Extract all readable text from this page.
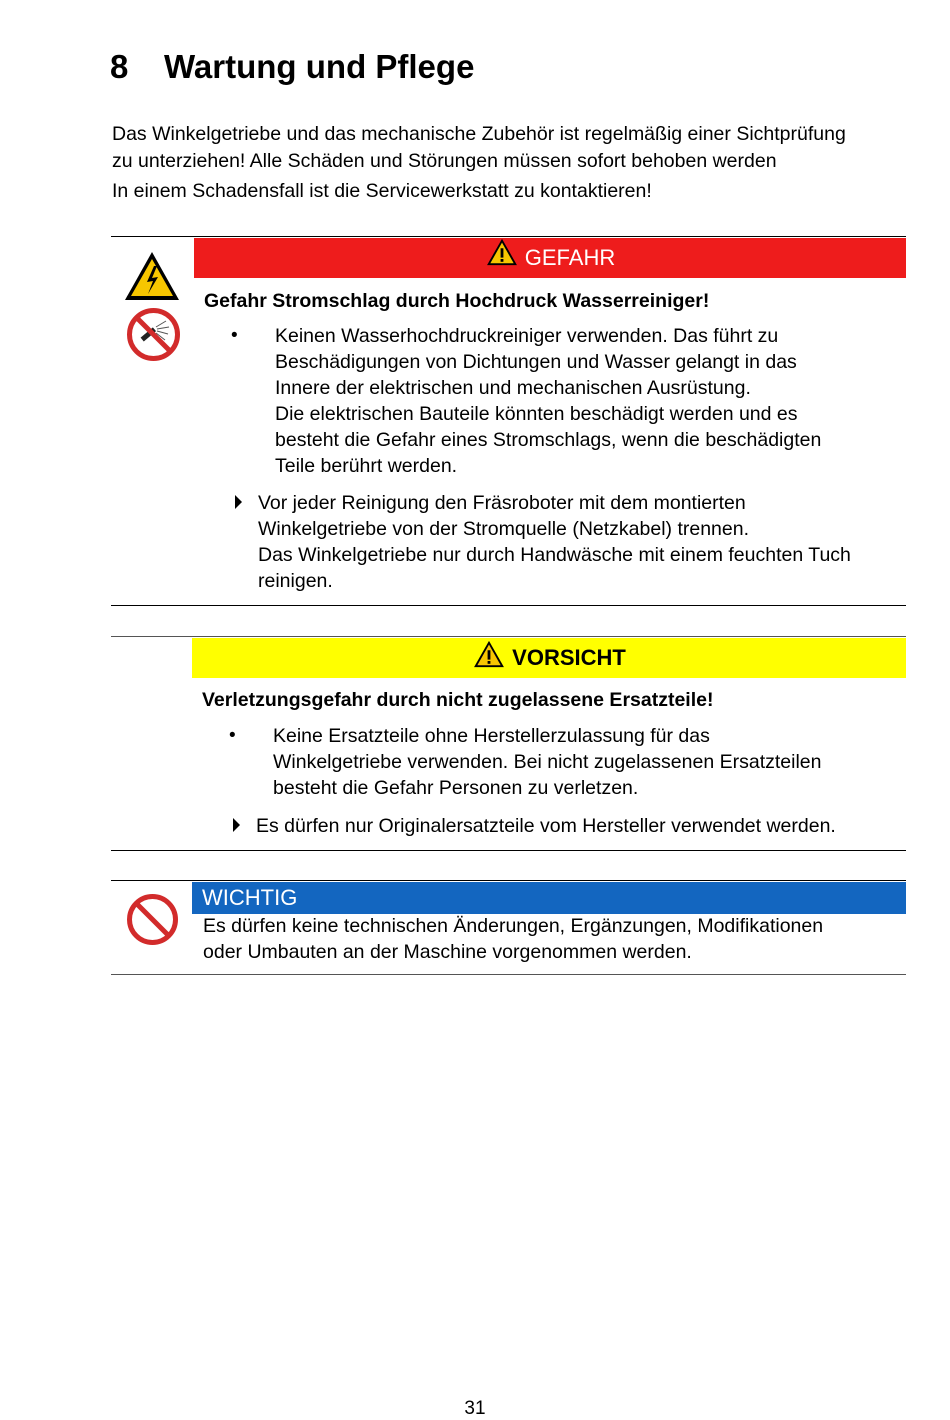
8 Wartung und Pflege

Das Winkelgetriebe und das mechanische Zubehör ist regelmäßig einer Sichtprüfung

zu unterziehen! Alle Schäden und Störungen müssen sofort behoben werden

In einem Schadensfall ist die Servicewerkstatt zu kontaktieren!

GEFAHR
Gefahr Stromschlag durch Hochdruck Wasserreiniger!
• Keinen Wasserhochdruckreiniger verwenden. Das führt zu

Beschädigungen von Dichtungen und Wasser gelangt in das

Innere der elektrischen und mechanischen Ausrüstung.

Die elektrischen Bauteile könnten beschädigt werden und es

besteht die Gefahr eines Stromschlags, wenn die beschädigten

Teile berührt werden.

Vor jeder Reinigung den Fräsroboter mit dem montierten

Winkelgetriebe von der Stromquelle (Netzkabel) trennen.

Das Winkelgetriebe nur durch Handwäsche mit einem feuchten Tuch

reinigen.

VORSICHT
Verletzungsgefahr durch nicht zugelassene Ersatzteile!
• Keine Ersatzteile ohne Herstellerzulassung für das

Winkelgetriebe verwenden. Bei nicht zugelassenen Ersatzteilen

besteht die Gefahr Personen zu verletzen.

Es dürfen nur Originalersatzteile vom Hersteller verwendet werden.
WICHTIG

Es dürfen keine technischen Änderungen, Ergänzungen, Modifikationen

oder Umbauten an der Maschine vorgenommen werden.

31
